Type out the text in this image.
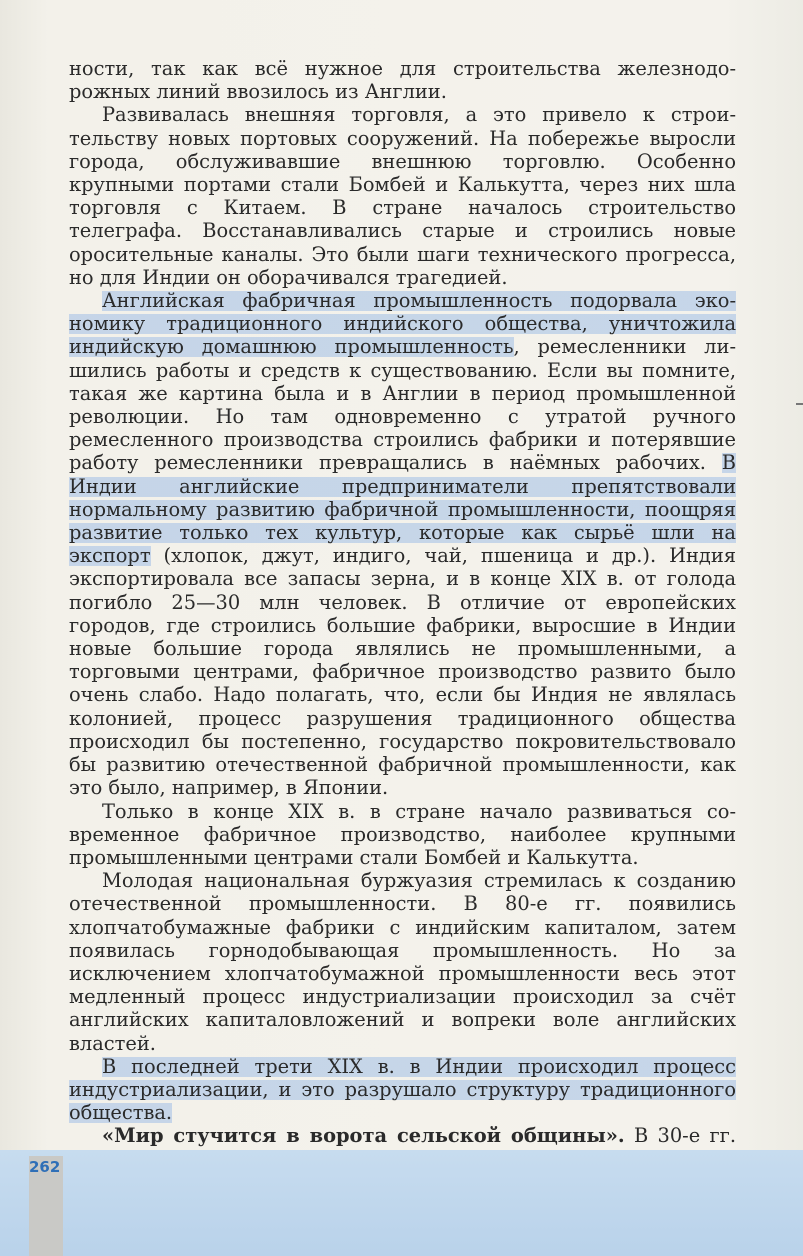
ности, так как всё нужное для строительства железнодорожных линий ввозилось из Англии.

Развивалась внешняя торговля, а это привело к строительству новых портовых сооружений. На побережье выросли города, обслуживавшие внешнюю торговлю. Особенно крупными портами стали Бомбей и Калькутта, через них шла торговля с Китаем. В стране началось строительство телеграфа. Восстанавливались старые и строились новые оросительные каналы. Это были шаги технического прогресса, но для Индии он оборачивался трагедией.

Английская фабричная промышленность подорвала экономику традиционного индийского общества, уничтожила индийскую домашнюю промышленность, ремесленники лишились работы и средств к существованию. Если вы помните, такая же картина была и в Англии в период промышленной революции. Но там одновременно с утратой ручного ремесленного производства строились фабрики и потерявшие работу ремесленники превращались в наёмных рабочих. В Индии английские предприниматели препятствовали нормальному развитию фабричной промышленности, поощряя развитие только тех культур, которые как сырьё шли на экспорт (хлопок, джут, индиго, чай, пшеница и др.). Индия экспортировала все запасы зерна, и в конце XIX в. от голода погибло 25—30 млн человек. В отличие от европейских городов, где строились большие фабрики, выросшие в Индии новые большие города являлись не промышленными, а торговыми центрами, фабричное производство развито было очень слабо. Надо полагать, что, если бы Индия не являлась колонией, процесс разрушения традиционного общества происходил бы постепенно, государство покровительствовало бы развитию отечественной фабричной промышленности, как это было, например, в Японии.

Только в конце XIX в. в стране начало развиваться современное фабричное производство, наиболее крупными промышленными центрами стали Бомбей и Калькутта.

Молодая национальная буржуазия стремилась к созданию отечественной промышленности. В 80-е гг. появились хлопчатобумажные фабрики с индийским капиталом, затем появилась горнодобывающая промышленность. Но за исключением хлопчатобумажной промышленности весь этот медленный процесс индустриализации происходил за счёт английских капиталовложений и вопреки воле английских властей.

В последней трети XIX в. в Индии происходил процесс индустриализации, и это разрушало структуру традиционного общества.

«Мир стучится в ворота сельской общины». В 30-е гг.

262
